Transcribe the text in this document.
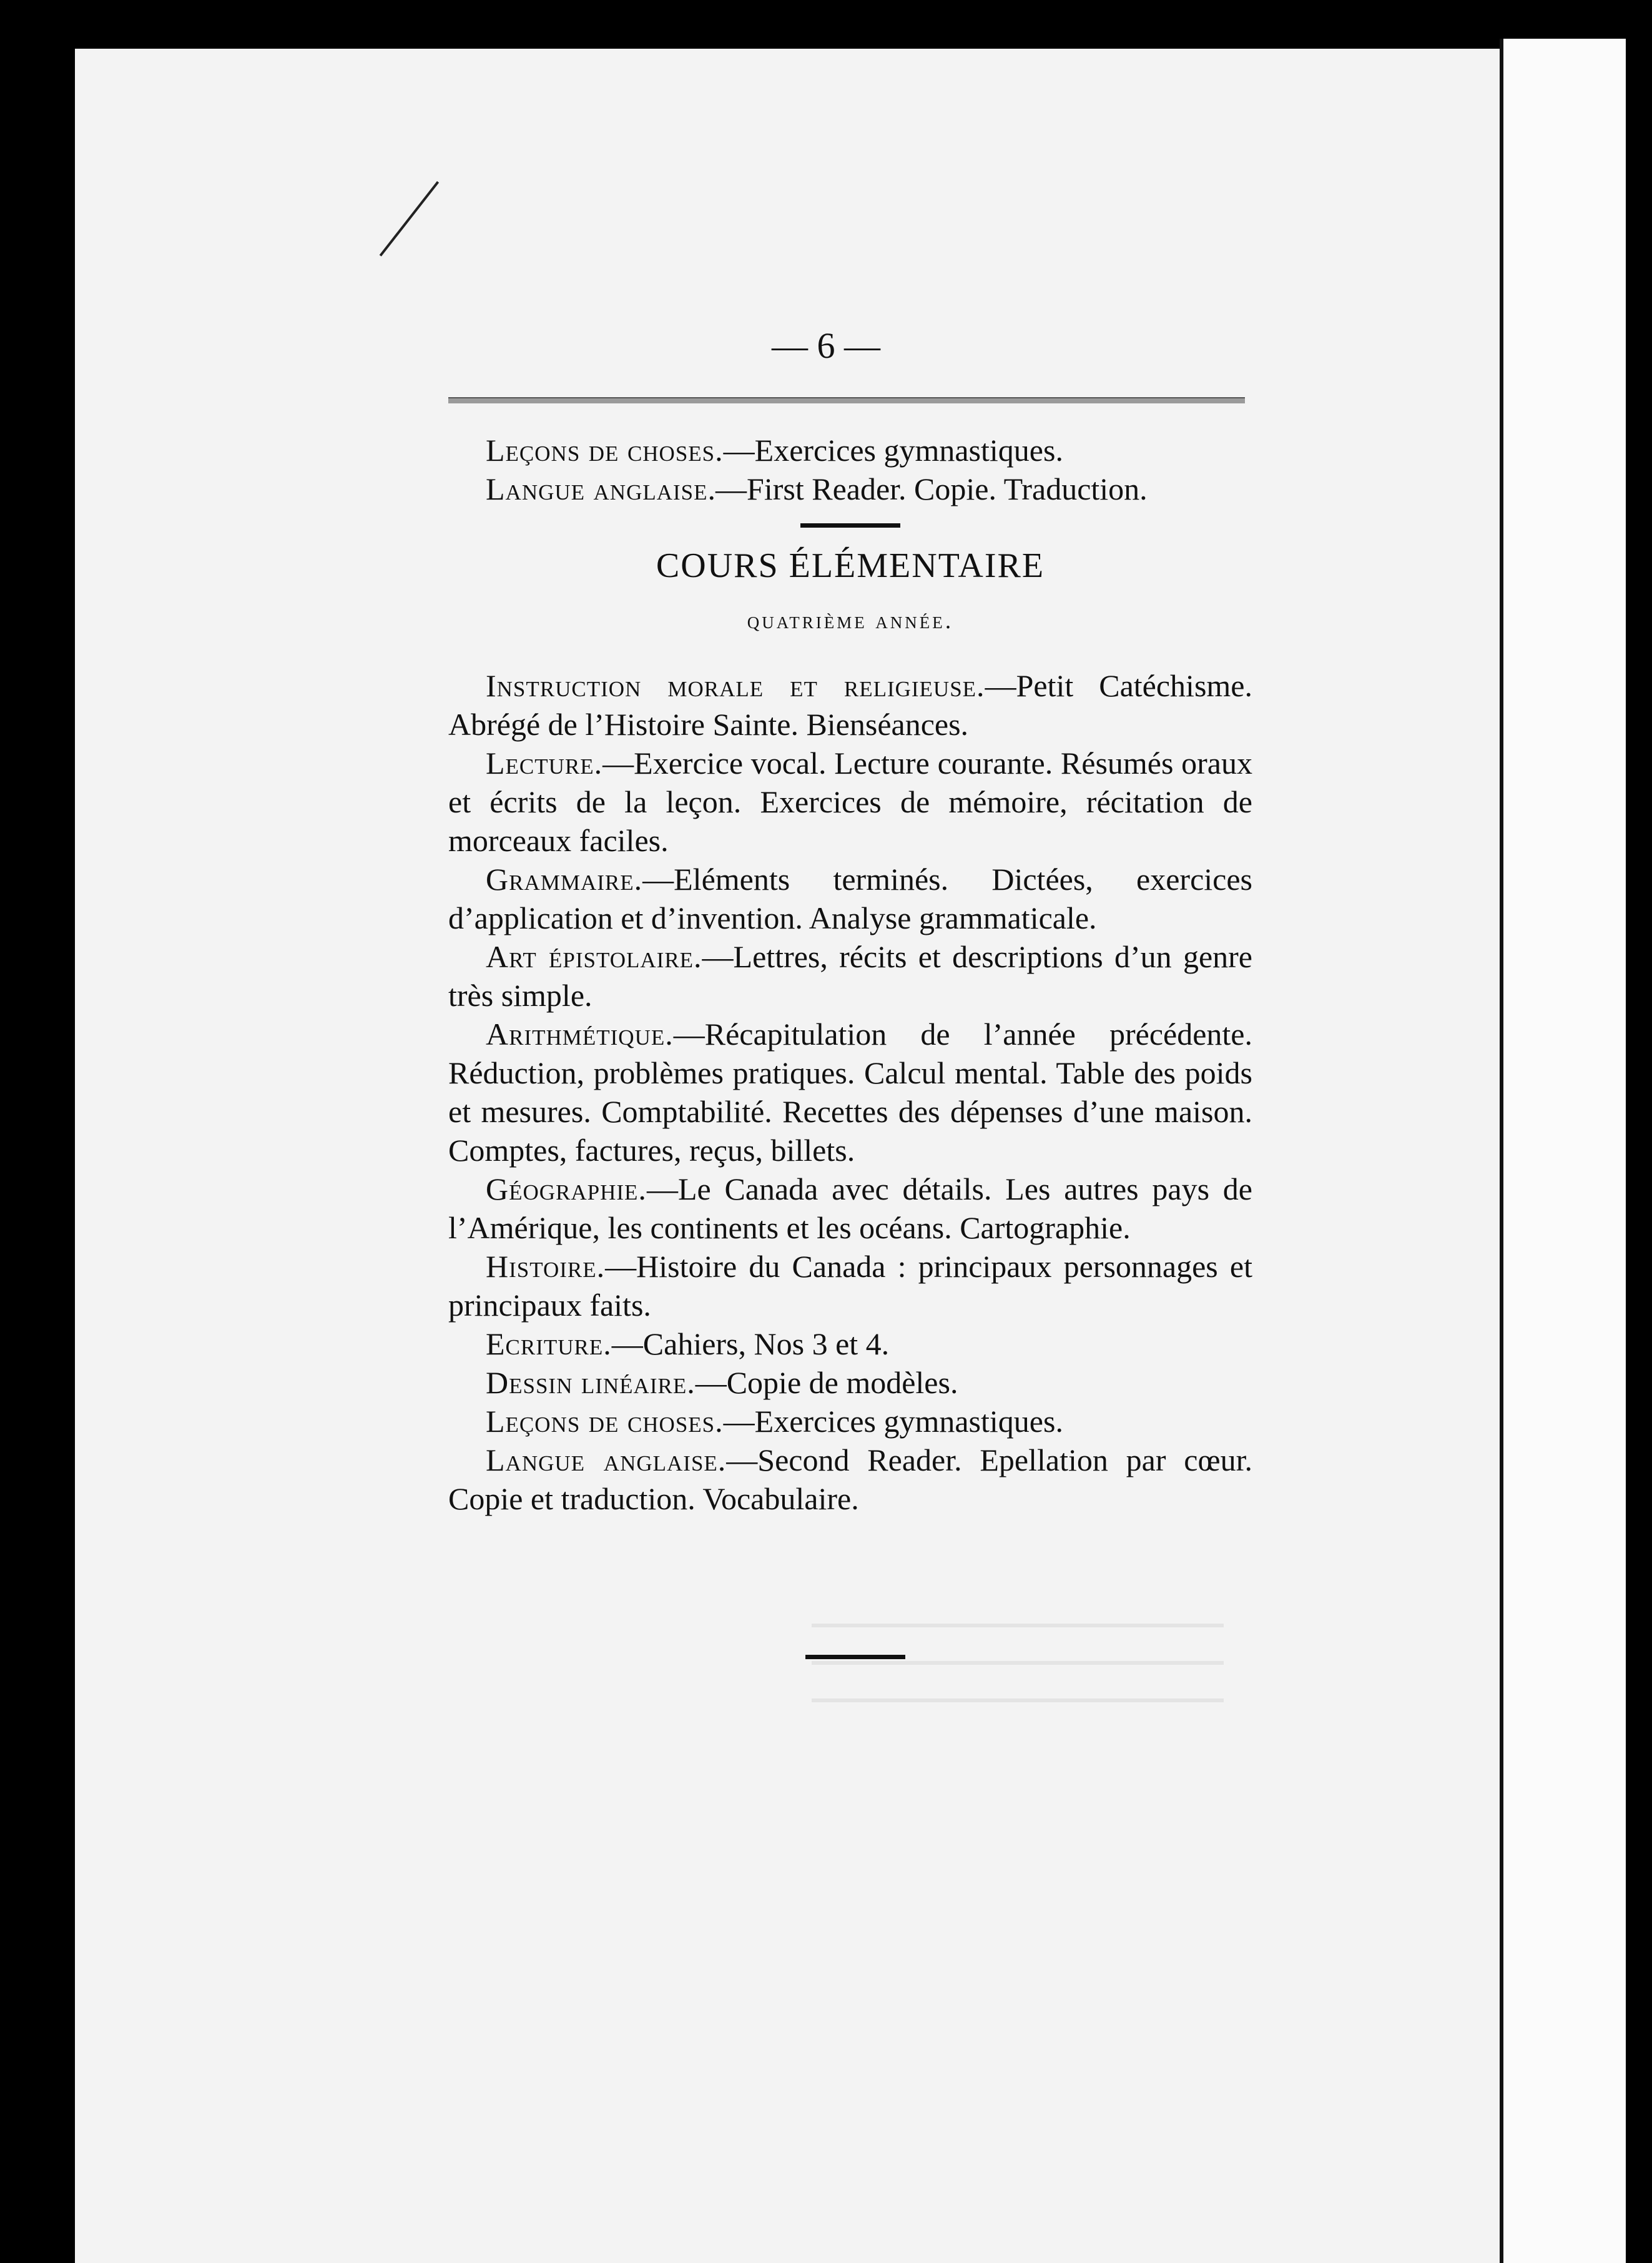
— 6 —

Leçons de choses.—Exercices gymnastiques.

Langue anglaise.—First Reader. Copie. Traduction.

COURS ÉLÉMENTAIRE
quatrième année.

Instruction morale et religieuse.—Petit Catéchisme. Abrégé de l’Histoire Sainte. Bienséances.

Lecture.—Exercice vocal. Lecture courante. Résumés oraux et écrits de la leçon. Exercices de mémoire, récitation de morceaux faciles.

Grammaire.—Eléments terminés. Dictées, exercices d’application et d’invention. Analyse grammaticale.

Art épistolaire.—Lettres, récits et descriptions d’un genre très simple.

Arithmétique.—Récapitulation de l’année précédente. Réduction, problèmes pratiques. Calcul mental. Table des poids et mesures. Comptabilité. Recettes des dépenses d’une maison. Comptes, factures, reçus, billets.

Géographie.—Le Canada avec détails. Les autres pays de l’Amérique, les continents et les océans. Cartographie.

Histoire.—Histoire du Canada : principaux personnages et principaux faits.

Ecriture.—Cahiers, Nos 3 et 4.

Dessin linéaire.—Copie de modèles.

Leçons de choses.—Exercices gymnastiques.

Langue anglaise.—Second Reader. Epellation par cœur. Copie et traduction. Vocabulaire.
